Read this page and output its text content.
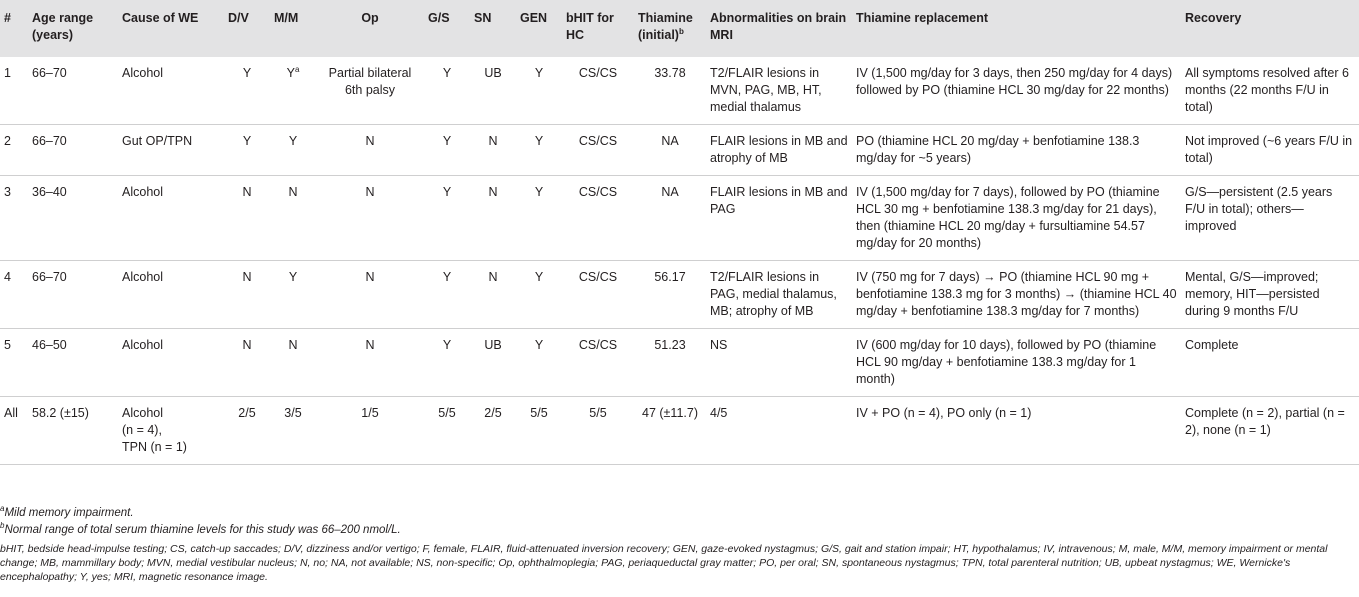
#	Age range (years)	Cause of WE	D/V	M/M	Op	G/S	SN	GEN	bHIT for HC	Thiamine (initial)$^b$	Abnormalities on brain MRI	Thiamine replacement	Recovery
1	66–70	Alcohol	Y	$Y^a$	Partial bilateral 6th palsy	Y	UB	Y	CS/CS	33.78	T2/FLAIR lesions in MVN, PAG, MB, HT, medial thalamus	IV (1,500 mg/day for 3 days, then 250 mg/day for 4 days) followed by PO (thiamine HCL 30 mg/day for 22 months)	All symptoms resolved after 6 months (22 months F/U in total)
2	66–70	Gut OP/TPN	Y	Y	N	Y	N	Y	CS/CS	NA	FLAIR lesions in MB and atrophy of MB	PO (thiamine HCL 20 mg/day + benfotiamine 138.3 mg/day for ~5 years)	Not improved (~6 years F/U in total)
3	36–40	Alcohol	N	N	N	Y	N	Y	CS/CS	NA	FLAIR lesions in MB and PAG	IV (1,500 mg/day for 7 days), followed by PO (thiamine HCL 30 mg + benfotiamine 138.3 mg/day for 21 days), then (thiamine HCL 20 mg/day + fursultiamine 54.57 mg/day for 20 months)	G/S—persistent (2.5 years F/U in total); others—improved
4	66–70	Alcohol	N	Y	N	Y	N	Y	CS/CS	56.17	T2/FLAIR lesions in PAG, medial thalamus, MB; atrophy of MB	IV (750 mg for 7 days) → PO (thiamine HCL 90 mg + benfotiamine 138.3 mg for 3 months) → (thiamine HCL 40 mg/day + benfotiamine 138.3 mg/day for 7 months)	Mental, G/S—improved; memory, HIT—persisted during 9 months F/U
5	46–50	Alcohol	N	N	N	Y	UB	Y	CS/CS	51.23	NS	IV (600 mg/day for 10 days), followed by PO (thiamine HCL 90 mg/day + benfotiamine 138.3 mg/day for 1 month)	Complete
All	58.2 (±15)	Alcohol
(n = 4),
TPN (n = 1)	2/5	3/5	1/5	5/5	2/5	5/5	5/5	47 (±11.7)	4/5	IV + PO (n = 4), PO only (n = 1)	Complete (n = 2), partial (n = 2), none (n = 1)

$^a$Mild memory impairment.

$^b$Normal range of total serum thiamine levels for this study was 66–200 nmol/L.

bHIT, bedside head-impulse testing; CS, catch-up saccades; D/V, dizziness and/or vertigo; F, female, FLAIR, fluid-attenuated inversion recovery; GEN, gaze-evoked nystagmus; G/S, gait and station impair; HT, hypothalamus; IV, intravenous; M, male, M/M, memory impairment or mental change; MB, mammillary body; MVN, medial vestibular nucleus; N, no; NA, not available; NS, non-specific; Op, ophthalmoplegia; PAG, periaqueductal gray matter; PO, per oral; SN, spontaneous nystagmus; TPN, total parenteral nutrition; UB, upbeat nystagmus; WE, Wernicke's encephalopathy; Y, yes; MRI, magnetic resonance image.
